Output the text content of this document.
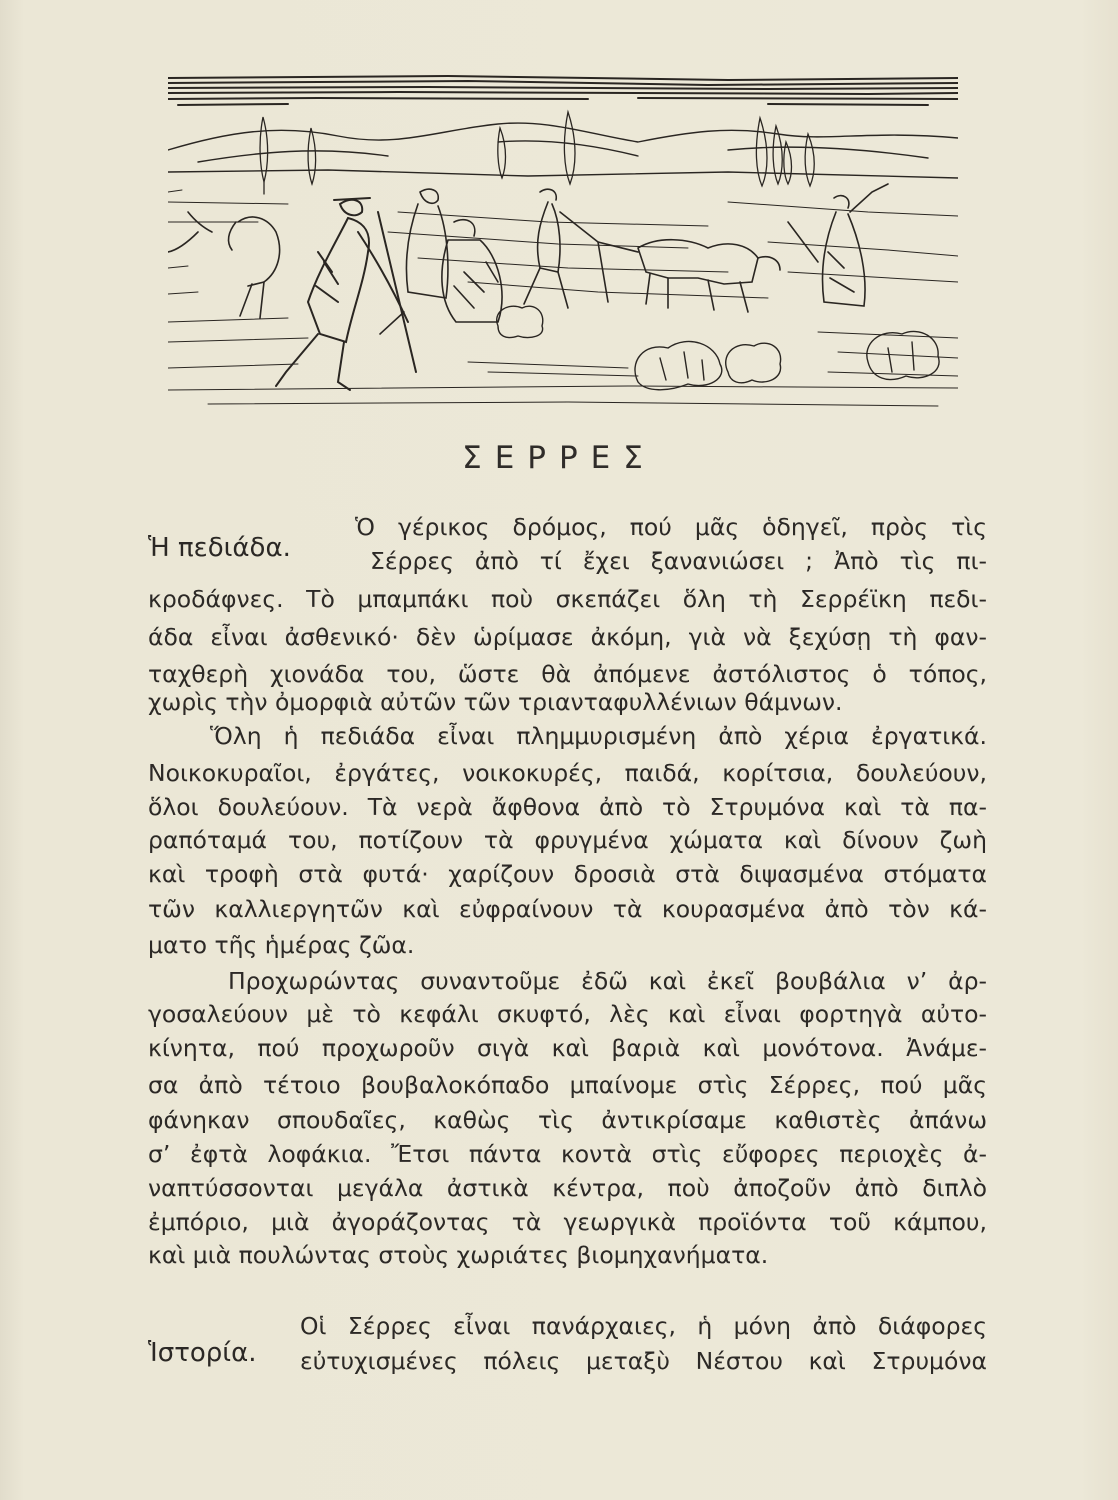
ΣΕΡΡΕΣ
Ἡ πεδιάδα.
Ὁ γέρικος δρόμος, πού μᾶς ὁδηγεῖ, πρὸς τὶς
Σέρρες ἀπὸ τί ἔχει ξανανιώσει ; Ἀπὸ τὶς πι-
κροδάφνες. Τὸ μπαμπάκι ποὺ σκεπάζει ὅλη τὴ Σερρέϊκη πεδι-
άδα εἶναι ἀσθενικό· δὲν ὡρίμασε ἀκόμη, γιὰ νὰ ξεχύσῃ τὴ φαν-
ταχθερὴ χιονάδα του, ὥστε θὰ ἀπόμενε ἀστόλιστος ὁ τόπος,
χωρὶς τὴν ὀμορφιὰ αὐτῶν τῶν τριανταφυλλένιων θάμνων.
Ὅλη ἡ πεδιάδα εἶναι πλημμυρισμένη ἀπὸ χέρια ἐργατικά.
Νοικοκυραῖοι, ἐργάτες, νοικοκυρές, παιδά, κορίτσια, δουλεύουν,
ὅλοι δουλεύουν. Τὰ νερὰ ἄφθονα ἀπὸ τὸ Στρυμόνα καὶ τὰ πα-
ραπόταμά του, ποτίζουν τὰ φρυγμένα χώματα καὶ δίνουν ζωὴ
καὶ τροφὴ στὰ φυτά· χαρίζουν δροσιὰ στὰ διψασμένα στόματα
τῶν καλλιεργητῶν καὶ εὐφραίνουν τὰ κουρασμένα ἀπὸ τὸν κά-
ματο τῆς ἡμέρας ζῶα.
Προχωρώντας συναντοῦμε ἐδῶ καὶ ἐκεῖ βουβάλια ν’ ἀρ-
γοσαλεύουν μὲ τὸ κεφάλι σκυφτό, λὲς καὶ εἶναι φορτηγὰ αὐτο-
κίνητα, πού προχωροῦν σιγὰ καὶ βαριὰ καὶ μονότονα. Ἀνάμε-
σα ἀπὸ τέτοιο βουβαλοκόπαδο μπαίνομε στὶς Σέρρες, πού μᾶς
φάνηκαν σπουδαῖες, καθὼς τὶς ἀντικρίσαμε καθιστὲς ἀπάνω
σ’ ἐφτὰ λοφάκια. Ἔτσι πάντα κοντὰ στὶς εὔφορες περιοχὲς ἀ-
ναπτύσσονται μεγάλα ἀστικὰ κέντρα, ποὺ ἀποζοῦν ἀπὸ διπλὸ
ἐμπόριο, μιὰ ἀγοράζοντας τὰ γεωργικὰ προϊόντα τοῦ κάμπου,
καὶ μιὰ πουλώντας στοὺς χωριάτες βιομηχανήματα.
Ἱστορία.
Οἱ Σέρρες εἶναι πανάρχαιες, ἡ μόνη ἀπὸ διάφορες
εὐτυχισμένες πόλεις μεταξὺ Νέστου καὶ Στρυμόνα
